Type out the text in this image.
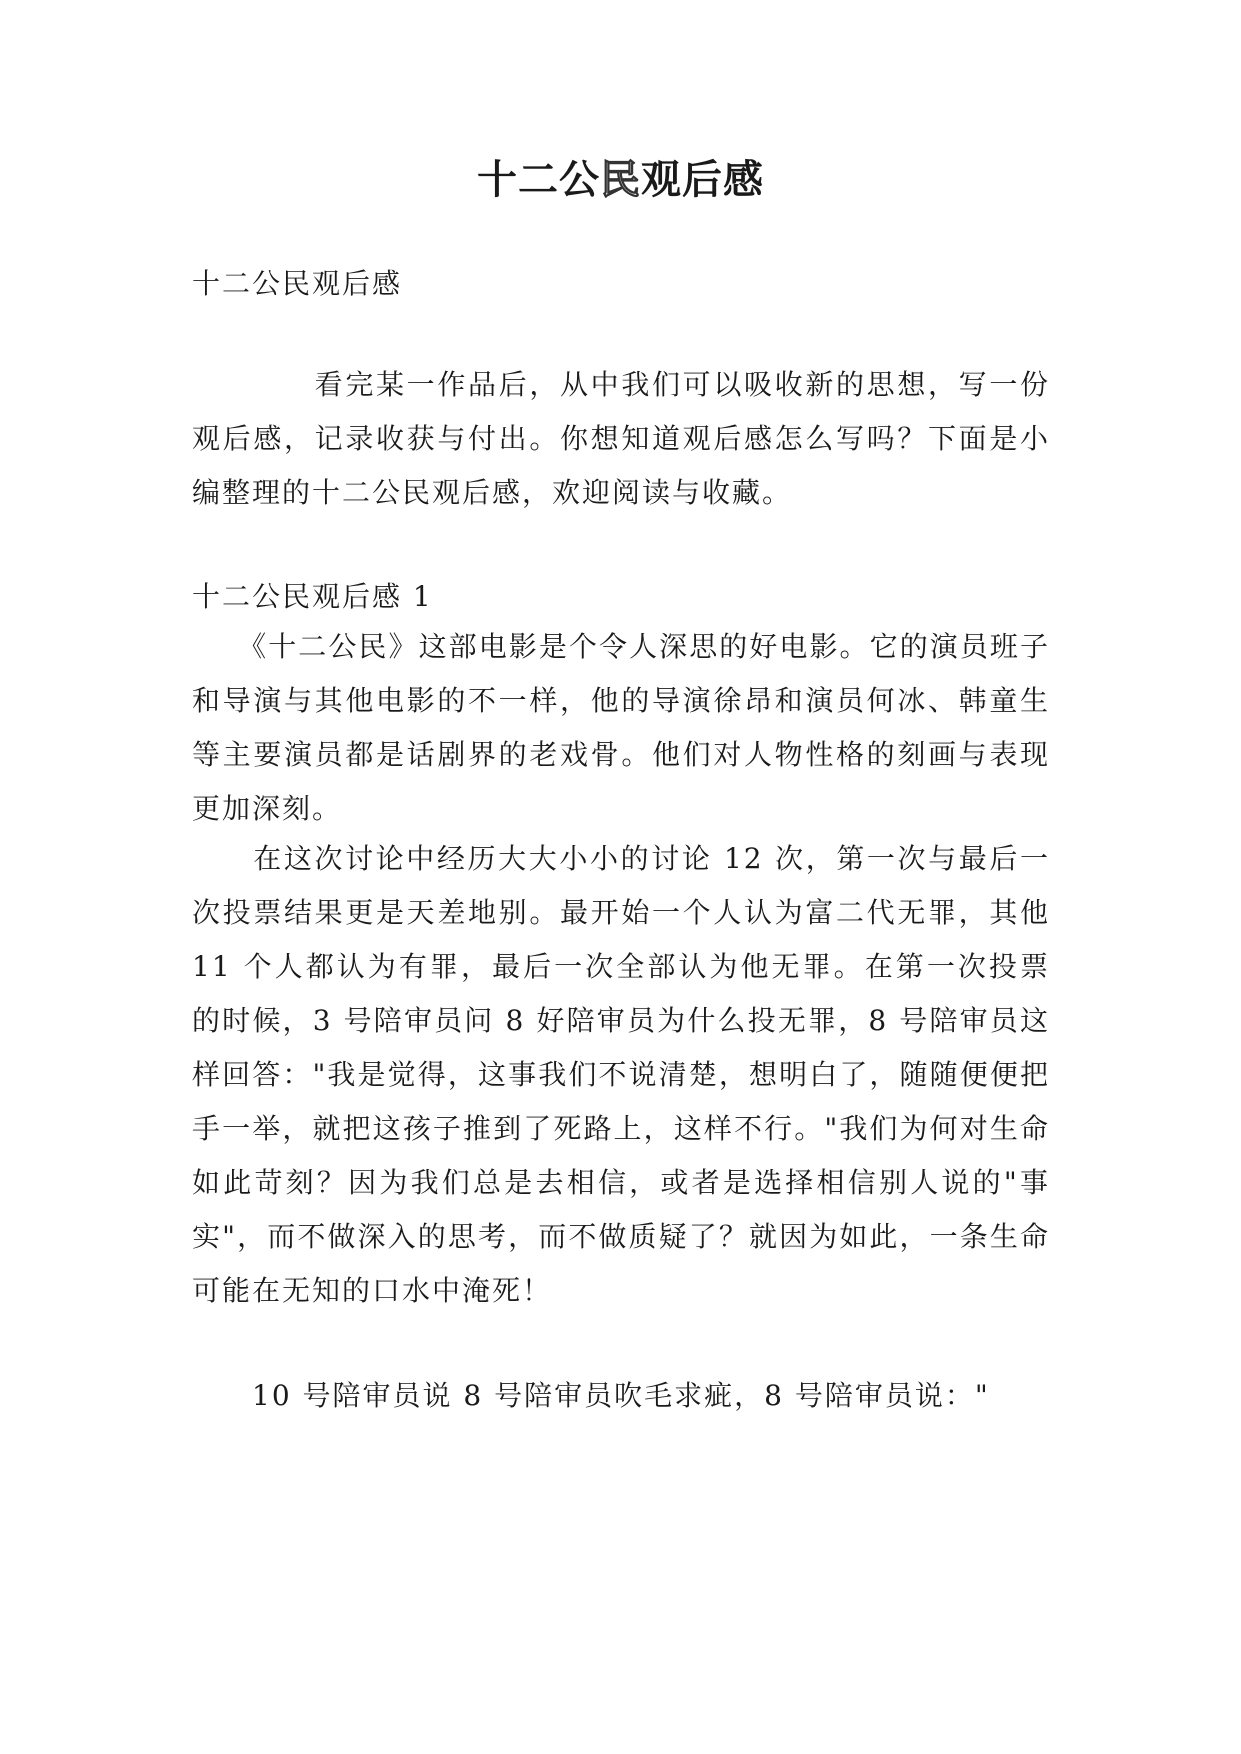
十二公民观后感

十二公民观后感

　　　　看完某一作品后，从中我们可以吸收新的思想，写一份观后感，记录收获与付出。你想知道观后感怎么写吗？下面是小编整理的十二公民观后感，欢迎阅读与收藏。

十二公民观后感 1

　　《十二公民》这部电影是个令人深思的好电影。它的演员班子和导演与其他电影的不一样，他的导演徐昂和演员何冰、韩童生等主要演员都是话剧界的老戏骨。他们对人物性格的刻画与表现更加深刻。

　　在这次讨论中经历大大小小的讨论 12 次，第一次与最后一次投票结果更是天差地别。最开始一个人认为富二代无罪，其他 11 个人都认为有罪，最后一次全部认为他无罪。在第一次投票的时候，3 号陪审员问 8 好陪审员为什么投无罪，8 号陪审员这样回答："我是觉得，这事我们不说清楚，想明白了，随随便便把手一举，就把这孩子推到了死路上，这样不行。"我们为何对生命如此苛刻？因为我们总是去相信，或者是选择相信别人说的"事实"，而不做深入的思考，而不做质疑了？就因为如此，一条生命可能在无知的口水中淹死！

　　10 号陪审员说 8 号陪审员吹毛求疵，8 号陪审员说："
